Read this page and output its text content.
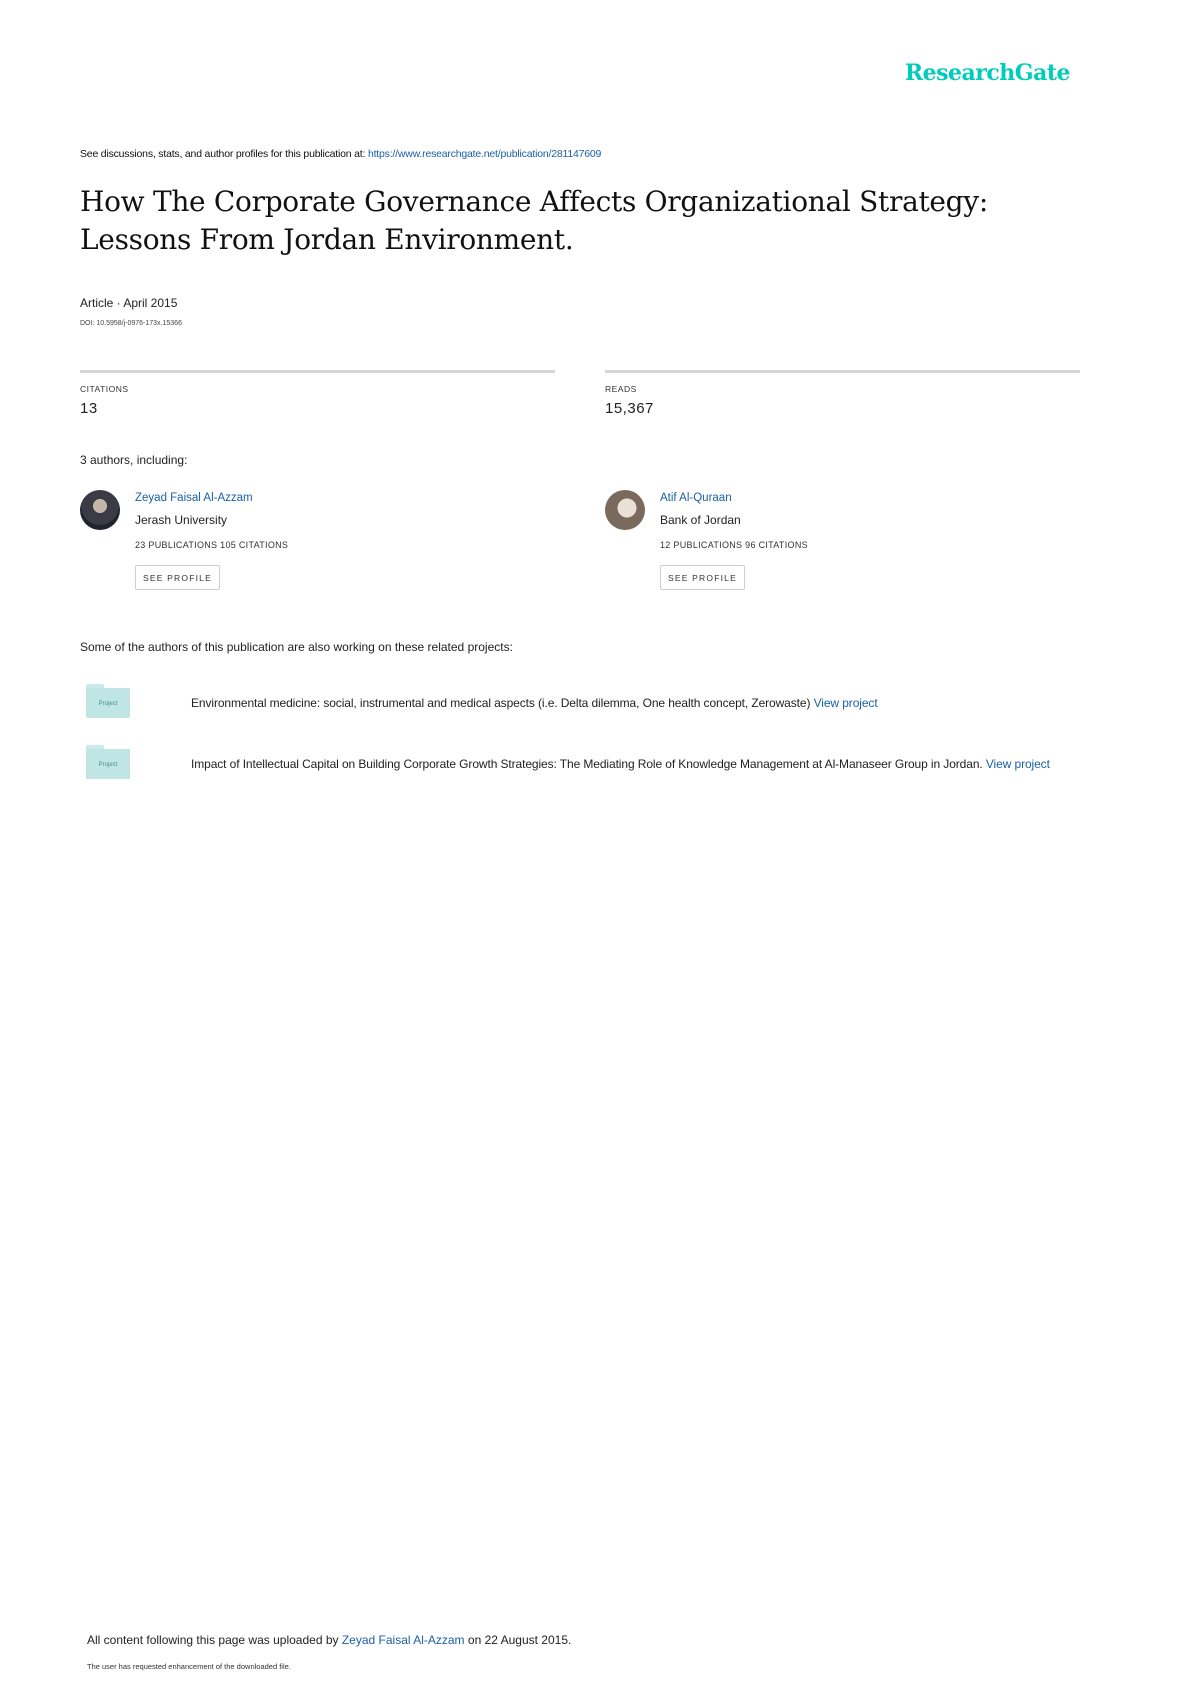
ResearchGate
See discussions, stats, and author profiles for this publication at: https://www.researchgate.net/publication/281147609
How The Corporate Governance Affects Organizational Strategy: Lessons From Jordan Environment.
Article · April 2015
DOI: 10.5958/j-0976-173x.15366
CITATIONS
13
READS
15,367
3 authors, including:
Zeyad Faisal Al-Azzam
Jerash University
23 PUBLICATIONS 105 CITATIONS
SEE PROFILE
Atif Al-Quraan
Bank of Jordan
12 PUBLICATIONS 96 CITATIONS
SEE PROFILE
Some of the authors of this publication are also working on these related projects:
Project	Environmental medicine: social, instrumental and medical aspects (i.e. Delta dilemma, One health concept, Zerowaste) View project
Project	Impact of Intellectual Capital on Building Corporate Growth Strategies: The Mediating Role of Knowledge Management at Al-Manaseer Group in Jordan. View project
All content following this page was uploaded by Zeyad Faisal Al-Azzam on 22 August 2015.
The user has requested enhancement of the downloaded file.
